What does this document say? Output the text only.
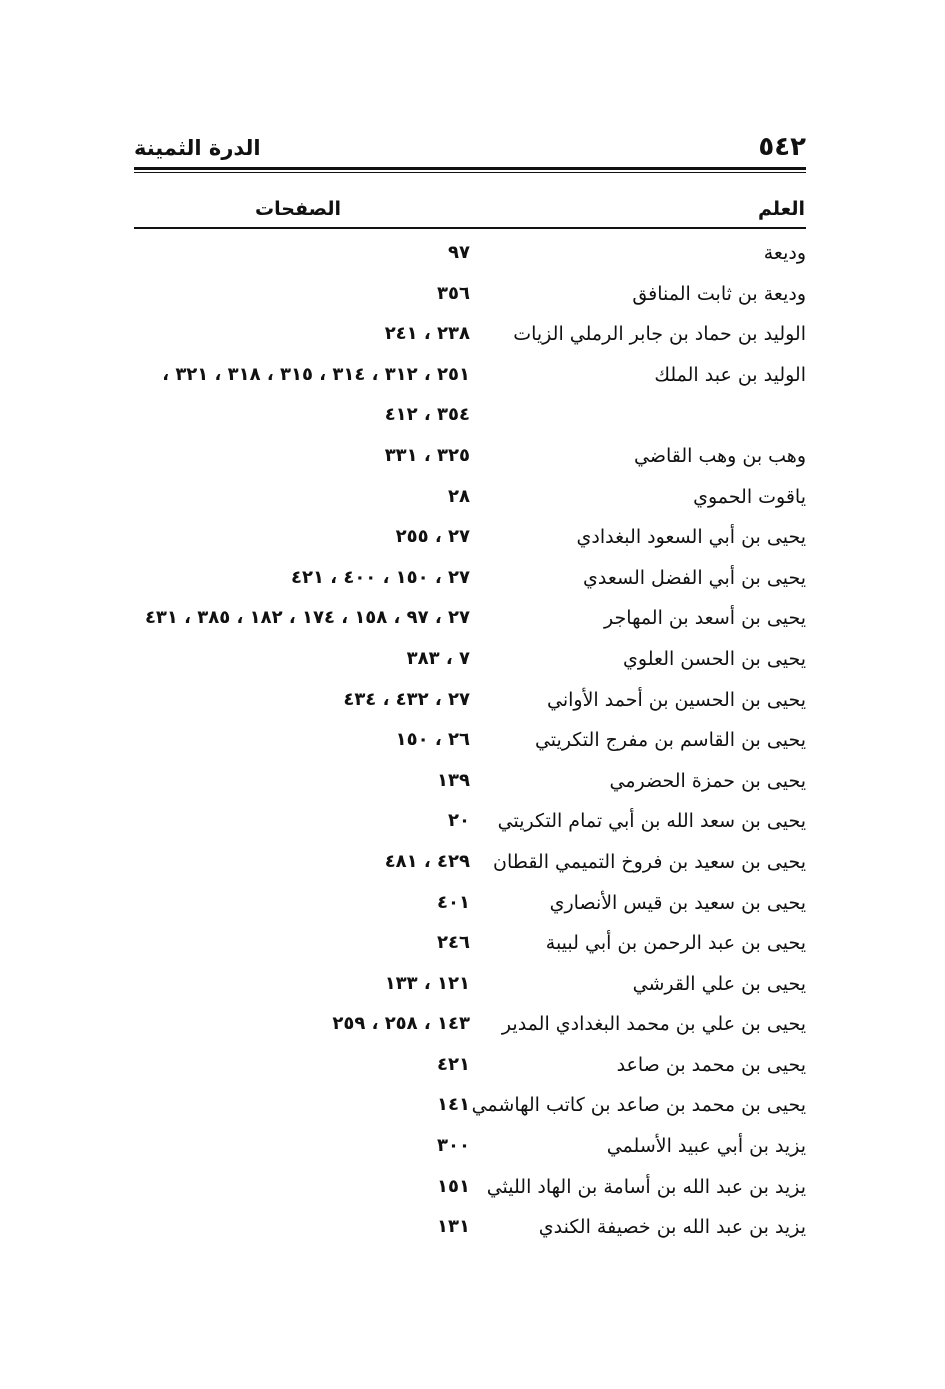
٥٤٢
الدرة الثمينة
العلم
الصفحات
وديعة
٩٧
وديعة بن ثابت المنافق
٣٥٦
الوليد بن حماد بن جابر الرملي الزيات
٢٣٨ ، ٢٤١
الوليد بن عبد الملك
٢٥١ ، ٣١٢ ، ٣١٤ ، ٣١٥ ، ٣١٨ ، ٣٢١ ،
٣٥٤ ، ٤١٢
وهب بن وهب القاضي
٣٢٥ ، ٣٣١
ياقوت الحموي
٢٨
يحيى بن أبي السعود البغدادي
٢٧ ، ٢٥٥
يحيى بن أبي الفضل السعدي
٢٧ ، ١٥٠ ، ٤٠٠ ، ٤٢١
يحيى بن أسعد بن المهاجر
٢٧ ، ٩٧ ، ١٥٨ ، ١٧٤ ، ١٨٢ ، ٣٨٥ ، ٤٣١
يحيى بن الحسن العلوي
٧ ، ٣٨٣
يحيى بن الحسين بن أحمد الأواني
٢٧ ، ٤٣٢ ، ٤٣٤
يحيى بن القاسم بن مفرج التكريتي
٢٦ ، ١٥٠
يحيى بن حمزة الحضرمي
١٣٩
يحيى بن سعد الله بن أبي تمام التكريتي
٢٠
يحيى بن سعيد بن فروخ التميمي القطان
٤٢٩ ، ٤٨١
يحيى بن سعيد بن قيس الأنصاري
٤٠١
يحيى بن عبد الرحمن بن أبي لبيبة
٢٤٦
يحيى بن علي القرشي
١٢١ ، ١٣٣
يحيى بن علي بن محمد البغدادي المدير
١٤٣ ، ٢٥٨ ، ٢٥٩
يحيى بن محمد بن صاعد
٤٢١
يحيى بن محمد بن صاعد بن كاتب الهاشمي
١٤١
يزيد بن أبي عبيد الأسلمي
٣٠٠
يزيد بن عبد الله بن أسامة بن الهاد الليثي
١٥١
يزيد بن عبد الله بن خصيفة الكندي
١٣١
